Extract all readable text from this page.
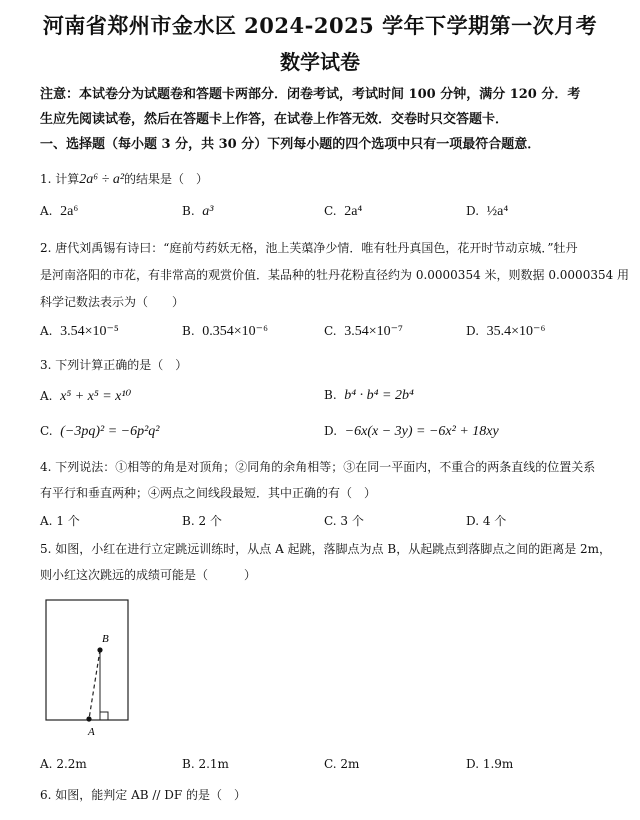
河南省郑州市金水区 2024-2025 学年下学期第一次月考
数学试卷
注意：本试卷分为试题卷和答题卡两部分．闭卷考试，考试时间 100 分钟，满分 120 分．考
生应先阅读试卷，然后在答题卡上作答，在试卷上作答无效．交卷时只交答题卡．
一、选择题（每小题 3 分，共 30 分）下列每小题的四个选项中只有一项最符合题意．
1. 计算2a⁶ ÷ a²的结果是（　）
A. 2a⁶	B. a³	C. 2a⁴	D. ½a⁴
2. 唐代刘禹锡有诗曰：“庭前芍药妖无格，池上芙蕖净少情．唯有牡丹真国色，花开时节动京城．”牡丹
是河南洛阳的市花，有非常高的观赏价值．某品种的牡丹花粉直径约为 0.0000354 米，则数据 0.0000354 用
科学记数法表示为（　　）
A. 3.54×10⁻⁵	B. 0.354×10⁻⁶	C. 3.54×10⁻⁷	D. 35.4×10⁻⁶
3. 下列计算正确的是（　）
A. x⁵ + x⁵ = x¹⁰	B. b⁴ · b⁴ = 2b⁴
C. (−3pq)² = −6p²q²	D. −6x(x − 3y) = −6x² + 18xy
4. 下列说法：①相等的角是对顶角；②同角的余角相等；③在同一平面内，不重合的两条直线的位置关系
有平行和垂直两种；④两点之间线段最短．其中正确的有（　）
A. 1 个	B. 2 个	C. 3 个	D. 4 个
5. 如图，小红在进行立定跳远训练时，从点 A 起跳，落脚点为点 B，从起跳点到落脚点之间的距离是 2m，
则小红这次跳远的成绩可能是（　　　）
B
A
A. 2.2m	B. 2.1m	C. 2m	D. 1.9m
6. 如图，能判定 AB // DF 的是（　）
